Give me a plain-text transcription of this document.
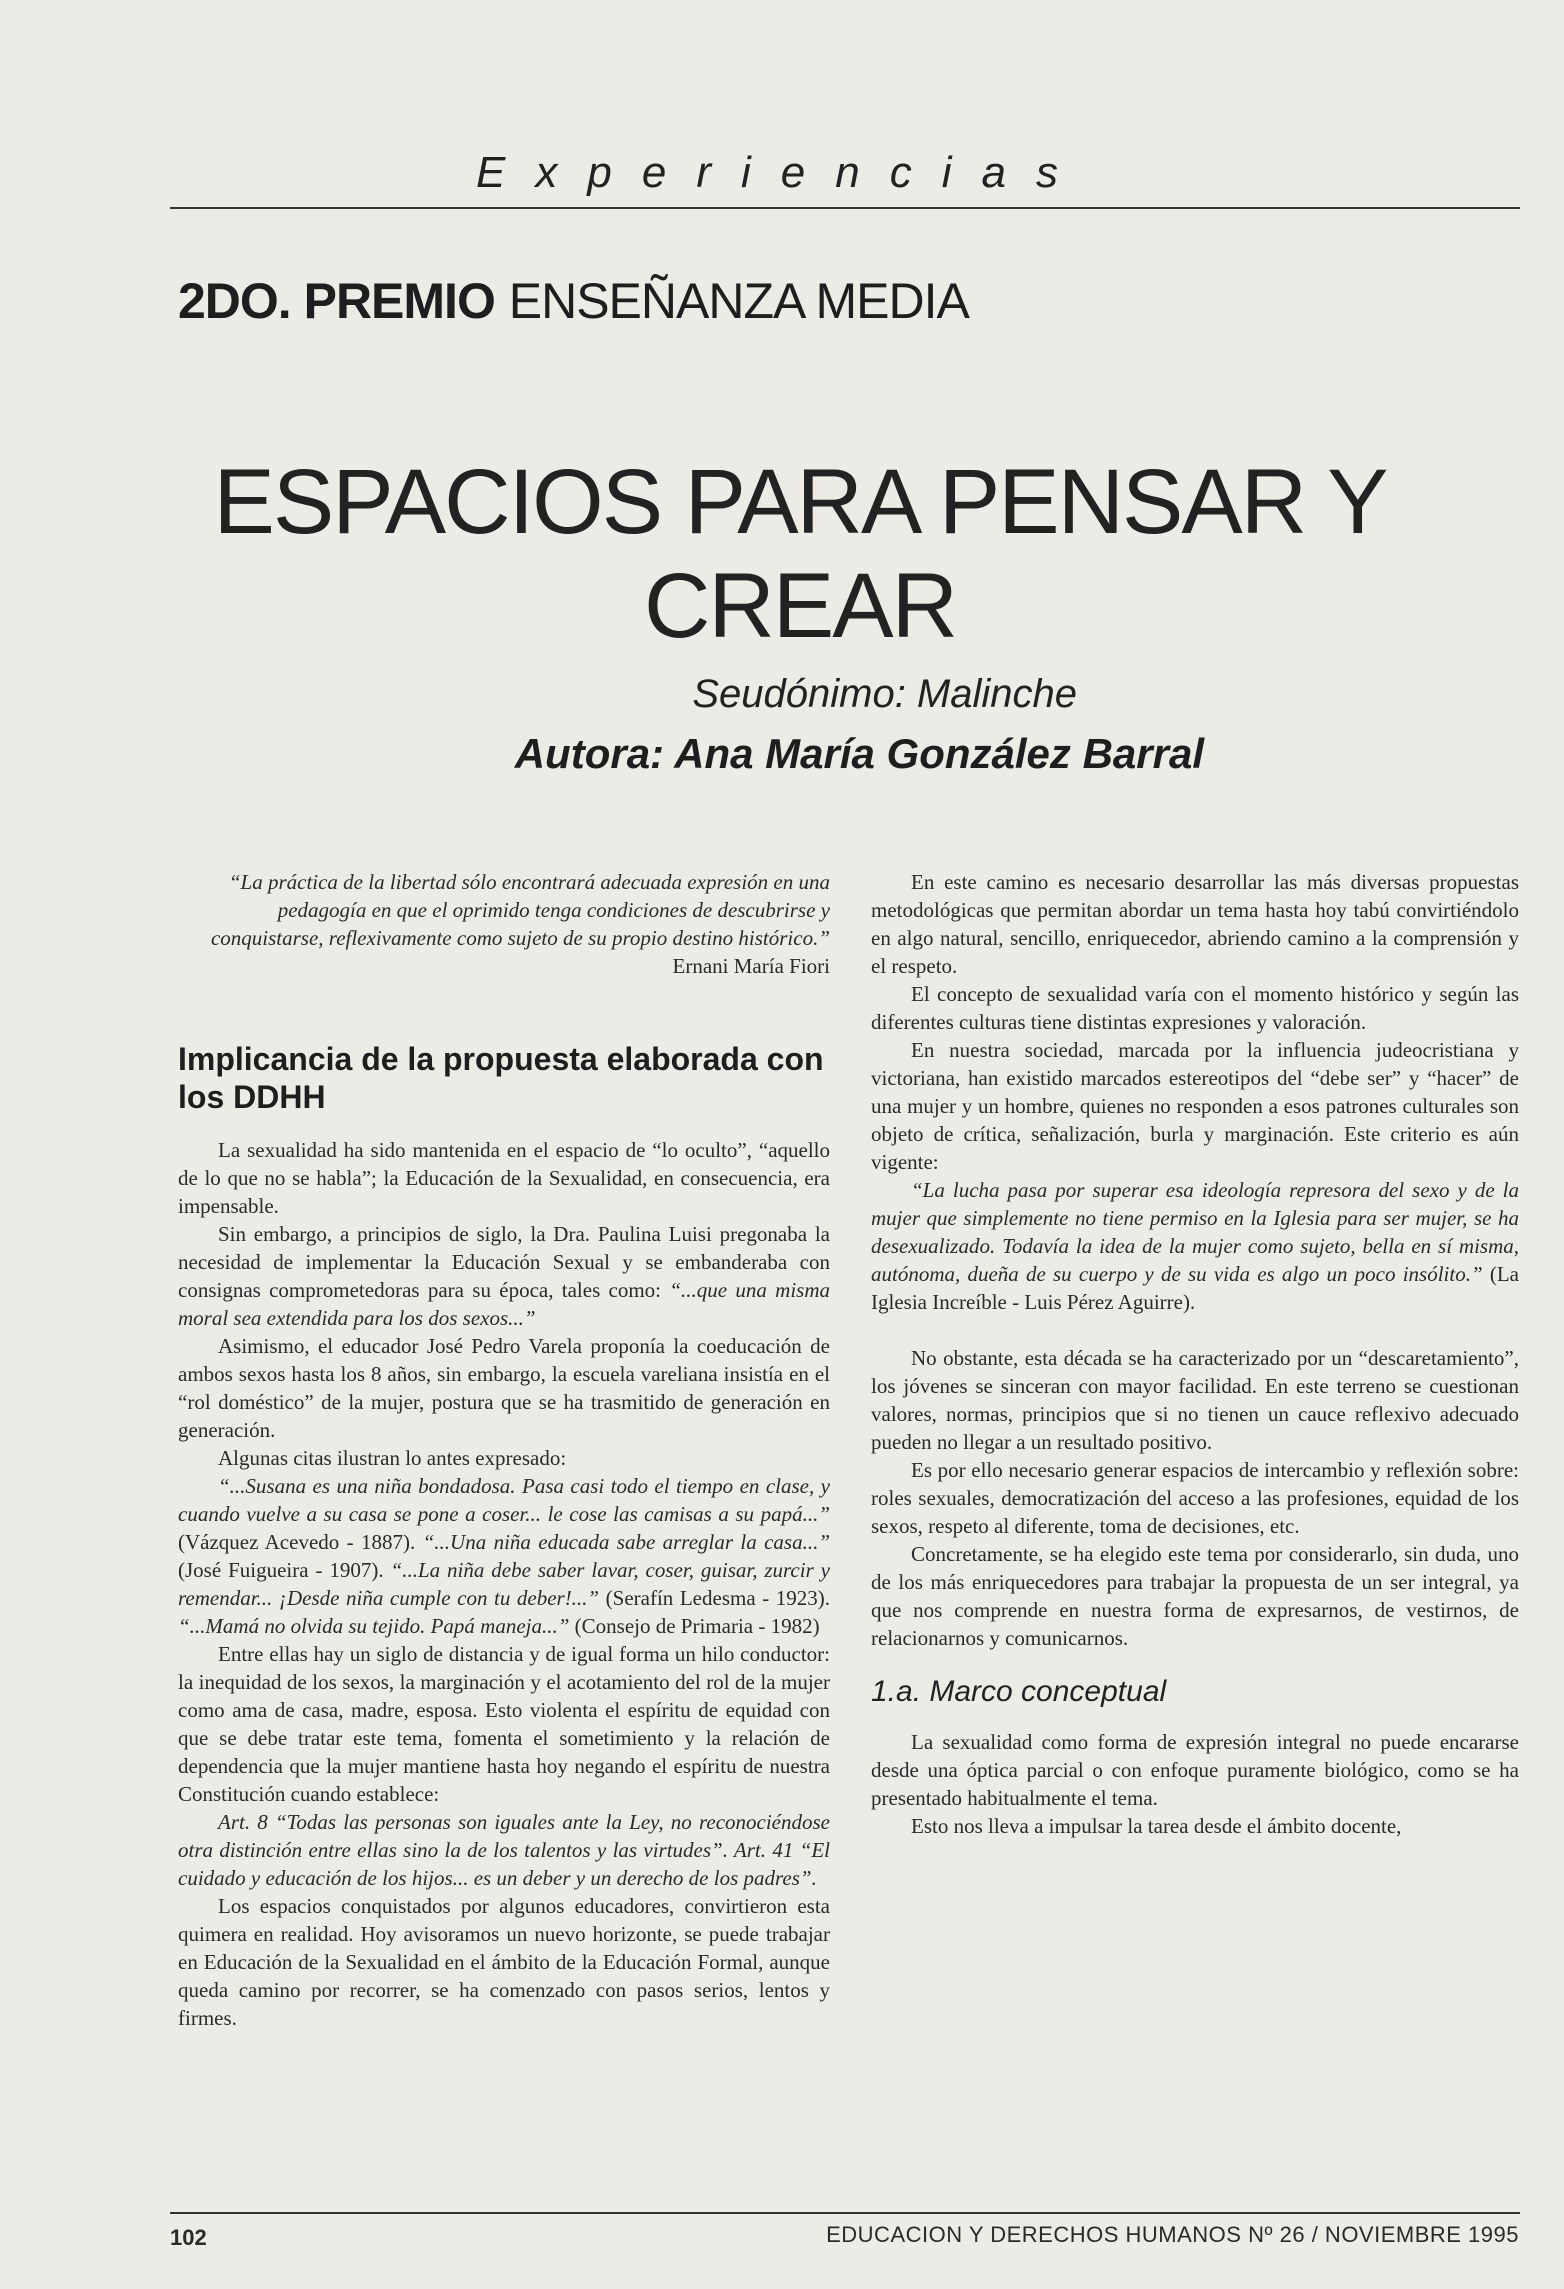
Experiencias
2DO. PREMIO ENSEÑANZA MEDIA
ESPACIOS PARA PENSAR Y
CREAR
Seudónimo: Malinche
Autora: Ana María González Barral

“La práctica de la libertad sólo encontrará adecuada expresión en una pedagogía en que el oprimido tenga condiciones de descubrirse y conquistarse, reflexivamente como sujeto de su propio destino histórico.”

Ernani María Fiori

Implicancia de la propuesta elaborada con los DDHH

La sexualidad ha sido mantenida en el espacio de “lo oculto”, “aquello de lo que no se habla”; la Educación de la Sexualidad, en consecuencia, era impensable.

Sin embargo, a principios de siglo, la Dra. Paulina Luisi pregonaba la necesidad de implementar la Educación Sexual y se embanderaba con consignas comprometedoras para su época, tales como: “...que una misma moral sea extendida para los dos sexos...”

Asimismo, el educador José Pedro Varela proponía la coeducación de ambos sexos hasta los 8 años, sin embargo, la escuela vareliana insistía en el “rol doméstico” de la mujer, postura que se ha trasmitido de generación en generación.

Algunas citas ilustran lo antes expresado:

“...Susana es una niña bondadosa. Pasa casi todo el tiempo en clase, y cuando vuelve a su casa se pone a coser... le cose las camisas a su papá...” (Vázquez Acevedo - 1887). “...Una niña educada sabe arreglar la casa...” (José Fuigueira - 1907). “...La niña debe saber lavar, coser, guisar, zurcir y remendar... ¡Desde niña cumple con tu deber!...” (Serafín Ledesma - 1923). “...Mamá no olvida su tejido. Papá maneja...” (Consejo de Primaria - 1982)

Entre ellas hay un siglo de distancia y de igual forma un hilo conductor: la inequidad de los sexos, la marginación y el acotamiento del rol de la mujer como ama de casa, madre, esposa. Esto violenta el espíritu de equidad con que se debe tratar este tema, fomenta el sometimiento y la relación de dependencia que la mujer mantiene hasta hoy negando el espíritu de nuestra Constitución cuando establece:

Art. 8 “Todas las personas son iguales ante la Ley, no reconociéndose otra distinción entre ellas sino la de los talentos y las virtudes”. Art. 41 “El cuidado y educación de los hijos... es un deber y un derecho de los padres”.

Los espacios conquistados por algunos educadores, convirtieron esta quimera en realidad. Hoy avisoramos un nuevo horizonte, se puede trabajar en Educación de la Sexualidad en el ámbito de la Educación Formal, aunque queda camino por recorrer, se ha comenzado con pasos serios, lentos y firmes.

En este camino es necesario desarrollar las más diversas propuestas metodológicas que permitan abordar un tema hasta hoy tabú convirtiéndolo en algo natural, sencillo, enriquecedor, abriendo camino a la comprensión y el respeto.

El concepto de sexualidad varía con el momento histórico y según las diferentes culturas tiene distintas expresiones y valoración.

En nuestra sociedad, marcada por la influencia judeocristiana y victoriana, han existido marcados estereotipos del “debe ser” y “hacer” de una mujer y un hombre, quienes no responden a esos patrones culturales son objeto de crítica, señalización, burla y marginación. Este criterio es aún vigente:

“La lucha pasa por superar esa ideología represora del sexo y de la mujer que simplemente no tiene permiso en la Iglesia para ser mujer, se ha desexualizado. Todavía la idea de la mujer como sujeto, bella en sí misma, autónoma, dueña de su cuerpo y de su vida es algo un poco insólito.” (La Iglesia Increíble - Luis Pérez Aguirre).

No obstante, esta década se ha caracterizado por un “descaretamiento”, los jóvenes se sinceran con mayor facilidad. En este terreno se cuestionan valores, normas, principios que si no tienen un cauce reflexivo adecuado pueden no llegar a un resultado positivo.

Es por ello necesario generar espacios de intercambio y reflexión sobre: roles sexuales, democratización del acceso a las profesiones, equidad de los sexos, respeto al diferente, toma de decisiones, etc.

Concretamente, se ha elegido este tema por considerarlo, sin duda, uno de los más enriquecedores para trabajar la propuesta de un ser integral, ya que nos comprende en nuestra forma de expresarnos, de vestirnos, de relacionarnos y comunicarnos.

1.a. Marco conceptual

La sexualidad como forma de expresión integral no puede encararse desde una óptica parcial o con enfoque puramente biológico, como se ha presentado habitualmente el tema.

Esto nos lleva a impulsar la tarea desde el ámbito docente,

102	EDUCACION Y DERECHOS HUMANOS Nº 26 / NOVIEMBRE 1995
